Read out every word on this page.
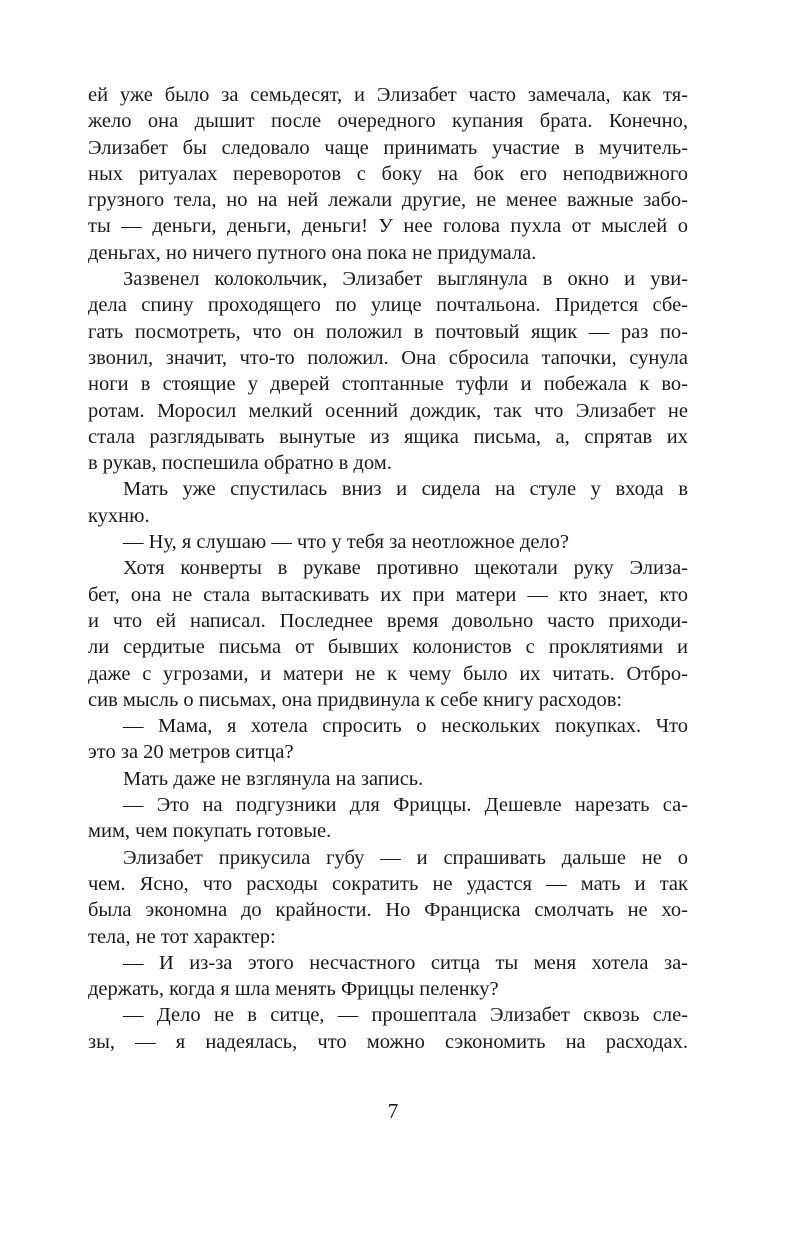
ей уже было за семьдесят, и Элизабет часто замечала, как тя-
жело она дышит после очередного купания брата. Конечно,
Элизабет бы следовало чаще принимать участие в мучитель-
ных ритуалах переворотов с боку на бок его неподвижного
грузного тела, но на ней лежали другие, не менее важные забо-
ты — деньги, деньги, деньги! У нее голова пухла от мыслей о
деньгах, но ничего путного она пока не придумала.
Зазвенел колокольчик, Элизабет выглянула в окно и уви-
дела спину проходящего по улице почтальона. Придется сбе-
гать посмотреть, что он положил в почтовый ящик — раз по-
звонил, значит, что-то положил. Она сбросила тапочки, сунула
ноги в стоящие у дверей стоптанные туфли и побежала к во-
ротам. Моросил мелкий осенний дождик, так что Элизабет не
стала разглядывать вынутые из ящика письма, а, спрятав их
в рукав, поспешила обратно в дом.
Мать уже спустилась вниз и сидела на стуле у входа в
кухню.
— Ну, я слушаю — что у тебя за неотложное дело?
Хотя конверты в рукаве противно щекотали руку Элиза-
бет, она не стала вытаскивать их при матери — кто знает, кто
и что ей написал. Последнее время довольно часто приходи-
ли сердитые письма от бывших колонистов с проклятиями и
даже с угрозами, и матери не к чему было их читать. Отбро-
сив мысль о письмах, она придвинула к себе книгу расходов:
— Мама, я хотела спросить о нескольких покупках. Что
это за 20 метров ситца?
Мать даже не взглянула на запись.
— Это на подгузники для Фриццы. Дешевле нарезать са-
мим, чем покупать готовые.
Элизабет прикусила губу — и спрашивать дальше не о
чем. Ясно, что расходы сократить не удастся — мать и так
была экономна до крайности. Но Франциска смолчать не хо-
тела, не тот характер:
— И из-за этого несчастного ситца ты меня хотела за-
держать, когда я шла менять Фриццы пеленку?
— Дело не в ситце, — прошептала Элизабет сквозь сле-
зы, — я надеялась, что можно сэкономить на расходах.
7
